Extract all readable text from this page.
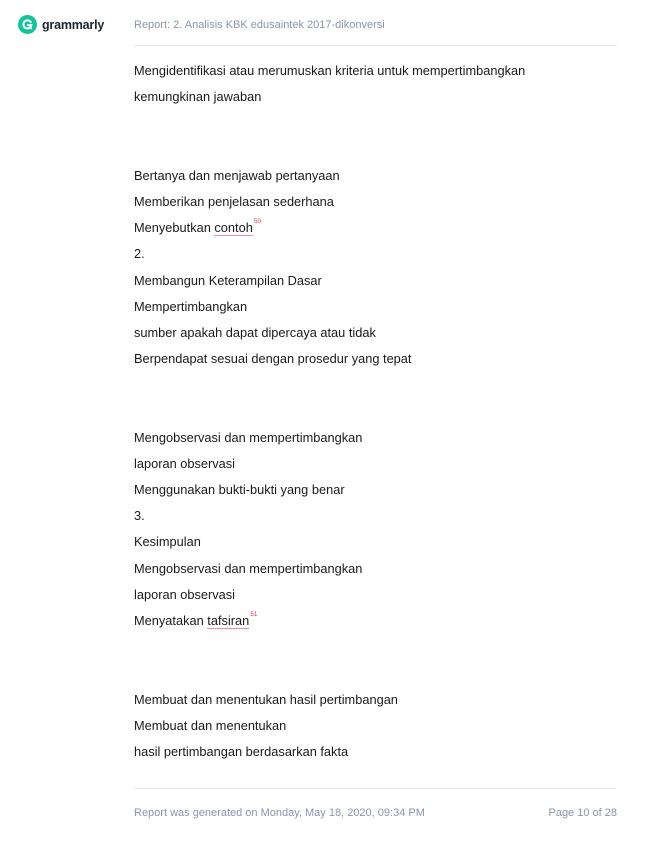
grammarly	Report: 2. Analisis KBK edusaintek 2017-dikonversi
Mengidentifikasi atau merumuskan kriteria untuk mempertimbangkan
kemungkinan jawaban
Bertanya dan menjawab pertanyaan
Memberikan penjelasan sederhana
Menyebutkan contoh$^{50}$
2.
Membangun Keterampilan Dasar
Mempertimbangkan
sumber apakah dapat dipercaya atau tidak
Berpendapat sesuai dengan prosedur yang tepat
Mengobservasi dan mempertimbangkan
laporan observasi
Menggunakan bukti-bukti yang benar
3.
Kesimpulan
Mengobservasi dan mempertimbangkan
laporan observasi
Menyatakan tafsiran$^{51}$
Membuat dan menentukan hasil pertimbangan
Membuat dan menentukan
hasil pertimbangan berdasarkan fakta
Report was generated on Monday, May 18, 2020, 09:34 PM	Page 10 of 28
